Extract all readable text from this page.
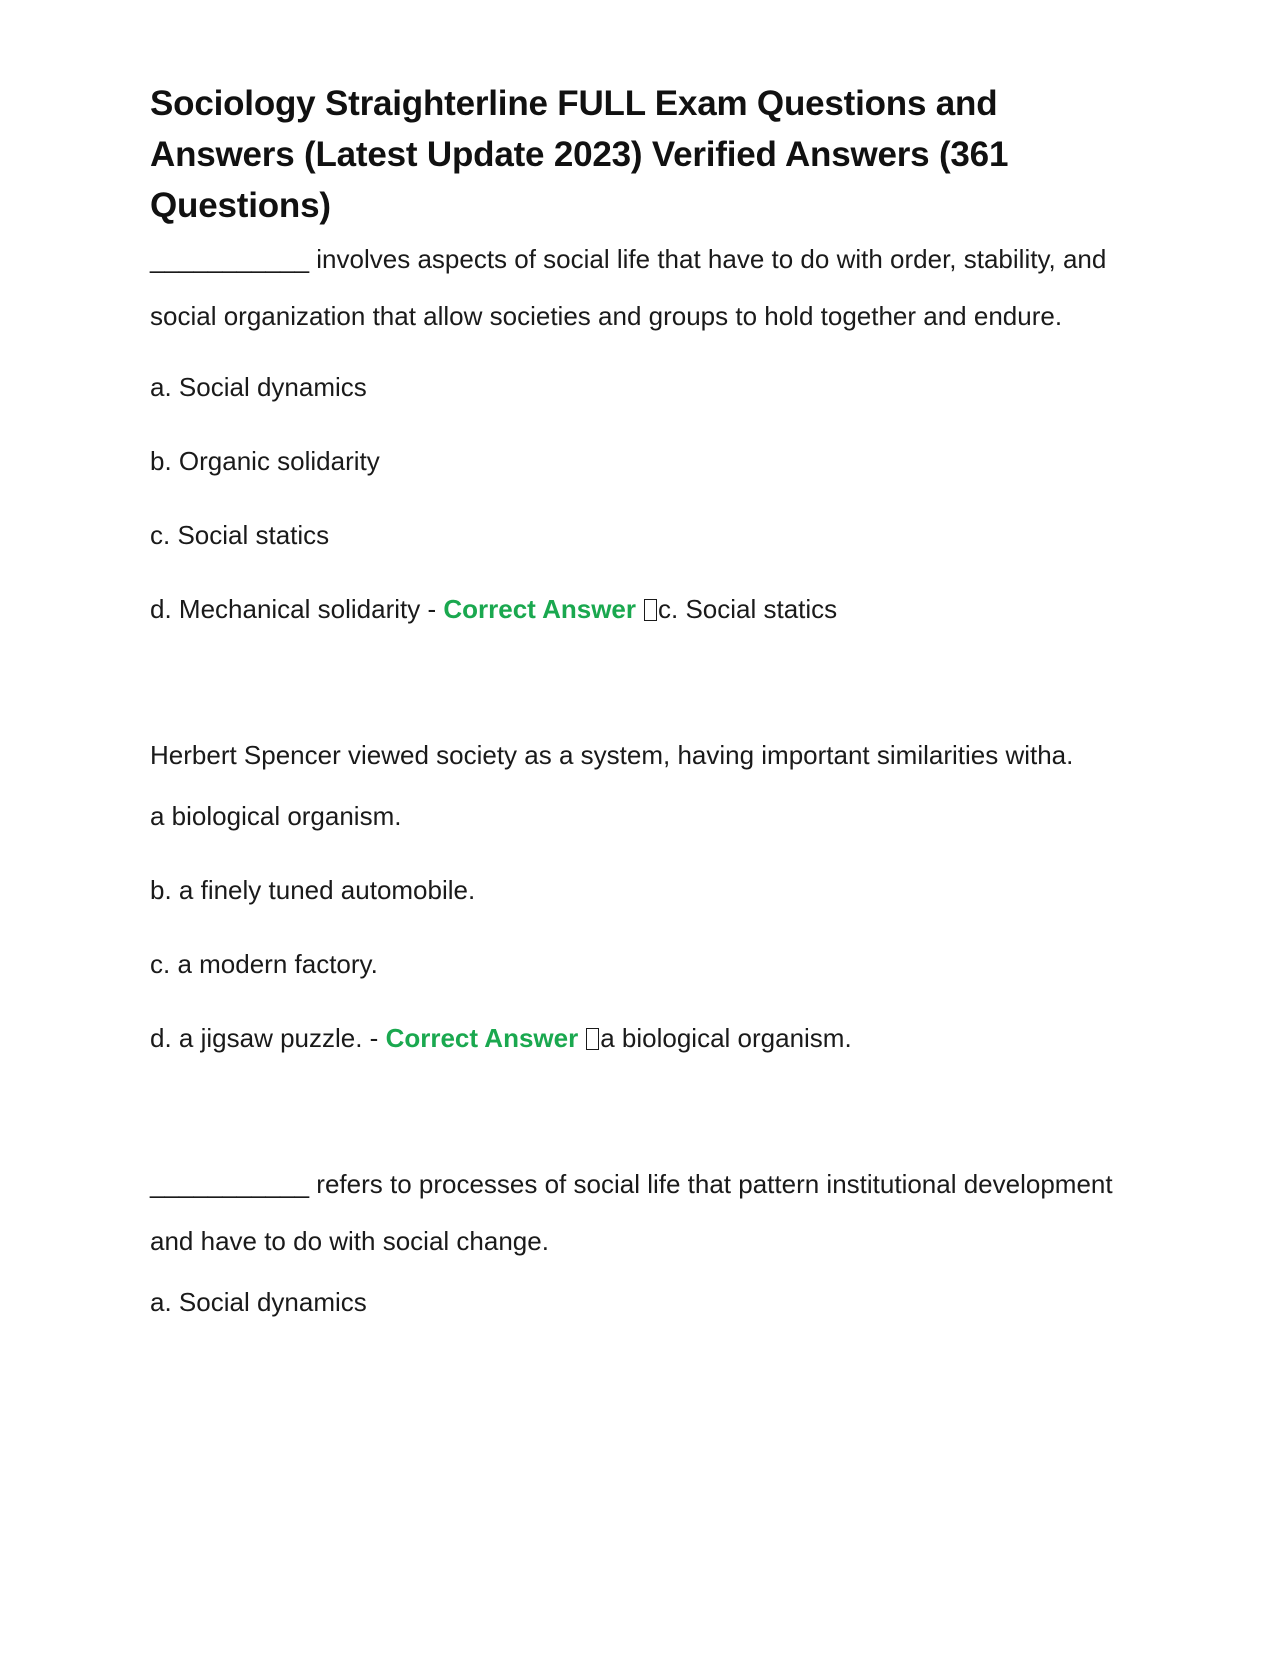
Sociology Straighterline FULL Exam Questions and Answers (Latest Update 2023) Verified Answers (361 Questions)

___________ involves aspects of social life that have to do with order, stability, and social organization that allow societies and groups to hold together and endure.

a. Social dynamics

b. Organic solidarity

c. Social statics

d. Mechanical solidarity - Correct Answer c. Social statics

Herbert Spencer viewed society as a system, having important similarities witha.

a biological organism.

b. a finely tuned automobile.

c. a modern factory.

d. a jigsaw puzzle. - Correct Answer a biological organism.

___________ refers to processes of social life that pattern institutional development and have to do with social change.

a. Social dynamics
